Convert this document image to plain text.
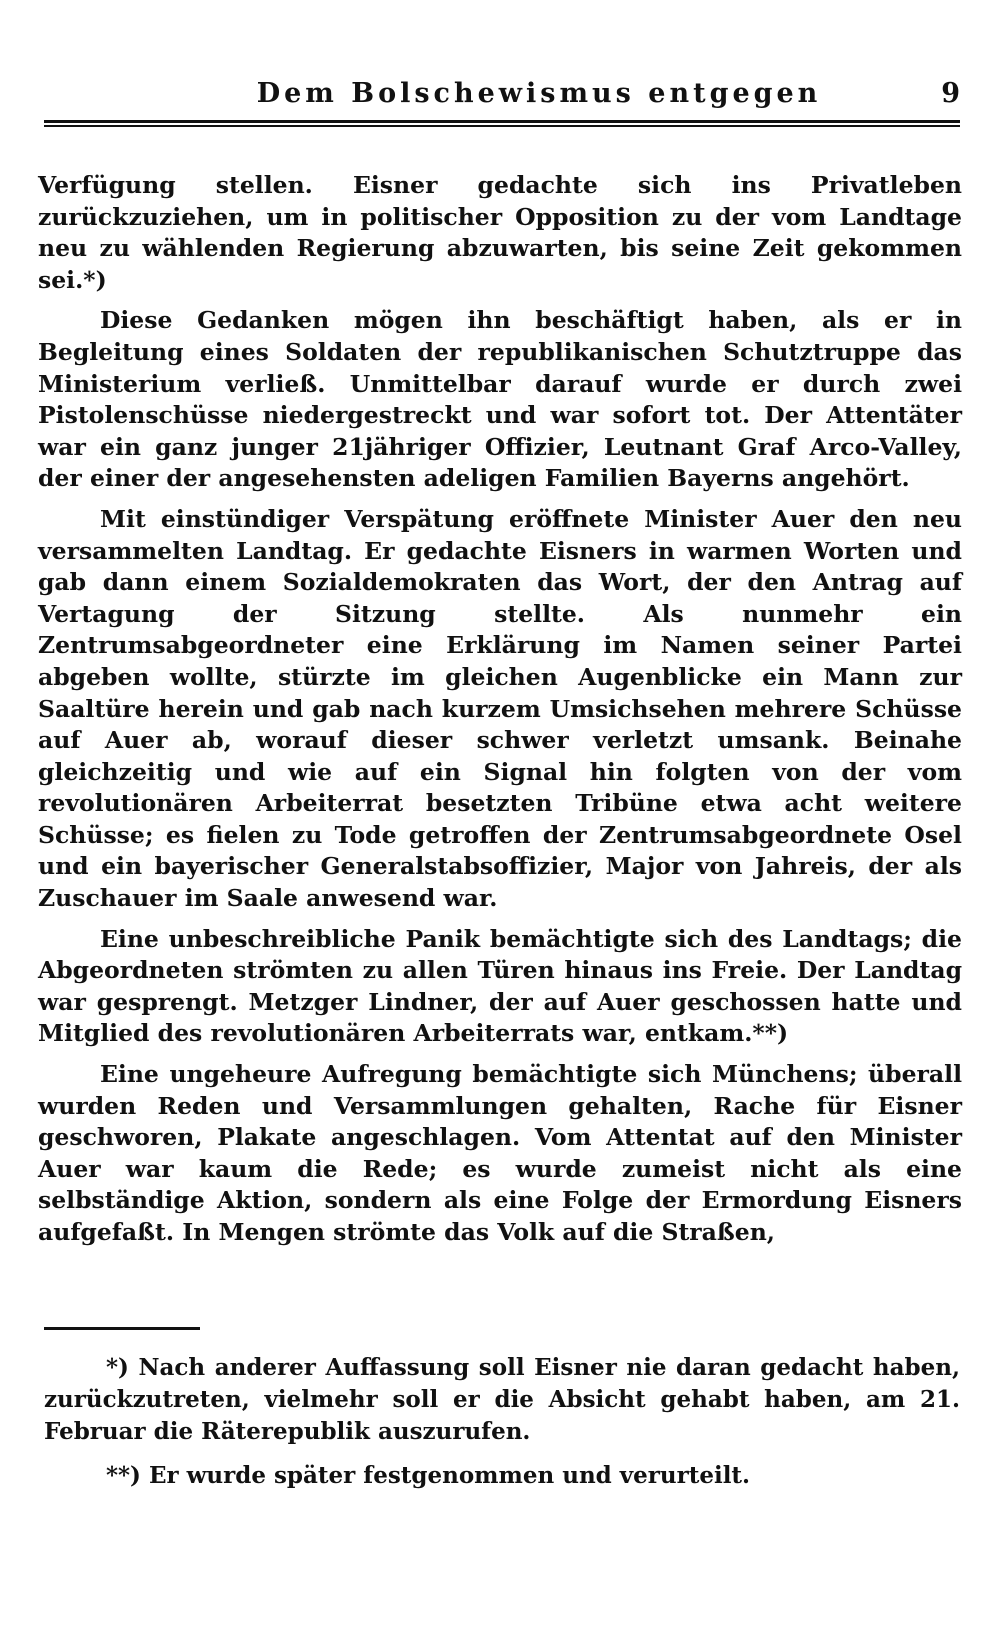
Dem Bolschewismus entgegen	9

Verfügung stellen. Eisner gedachte sich ins Privatleben zurückzuziehen, um in politischer Opposition zu der vom Landtage neu zu wählenden Regierung abzuwarten, bis seine Zeit gekommen sei.*)

Diese Gedanken mögen ihn beschäftigt haben, als er in Begleitung eines Soldaten der republikanischen Schutztruppe das Ministerium verließ. Unmittelbar darauf wurde er durch zwei Pistolenschüsse niedergestreckt und war sofort tot. Der Attentäter war ein ganz junger 21jähriger Offizier, Leutnant Graf Arco-Valley, der einer der angesehensten adeligen Familien Bayerns angehört.

Mit einstündiger Verspätung eröffnete Minister Auer den neu versammelten Landtag. Er gedachte Eisners in warmen Worten und gab dann einem Sozialdemokraten das Wort, der den Antrag auf Vertagung der Sitzung stellte. Als nunmehr ein Zentrumsabgeordneter eine Erklärung im Namen seiner Partei abgeben wollte, stürzte im gleichen Augenblicke ein Mann zur Saaltüre herein und gab nach kurzem Umsichsehen mehrere Schüsse auf Auer ab, worauf dieser schwer verletzt umsank. Beinahe gleichzeitig und wie auf ein Signal hin folgten von der vom revolutionären Arbeiterrat besetzten Tribüne etwa acht weitere Schüsse; es fielen zu Tode getroffen der Zentrumsabgeordnete Osel und ein bayerischer Generalstabsoffizier, Major von Jahreis, der als Zuschauer im Saale anwesend war.

Eine unbeschreibliche Panik bemächtigte sich des Landtags; die Abgeordneten strömten zu allen Türen hinaus ins Freie. Der Landtag war gesprengt. Metzger Lindner, der auf Auer geschossen hatte und Mitglied des revolutionären Arbeiterrats war, entkam.**)

Eine ungeheure Aufregung bemächtigte sich Münchens; überall wurden Reden und Versammlungen gehalten, Rache für Eisner geschworen, Plakate angeschlagen. Vom Attentat auf den Minister Auer war kaum die Rede; es wurde zumeist nicht als eine selbständige Aktion, sondern als eine Folge der Ermordung Eisners aufgefaßt. In Mengen strömte das Volk auf die Straßen,

*) Nach anderer Auffassung soll Eisner nie daran gedacht haben, zurückzutreten, vielmehr soll er die Absicht gehabt haben, am 21. Februar die Räterepublik auszurufen.

**) Er wurde später festgenommen und verurteilt.
